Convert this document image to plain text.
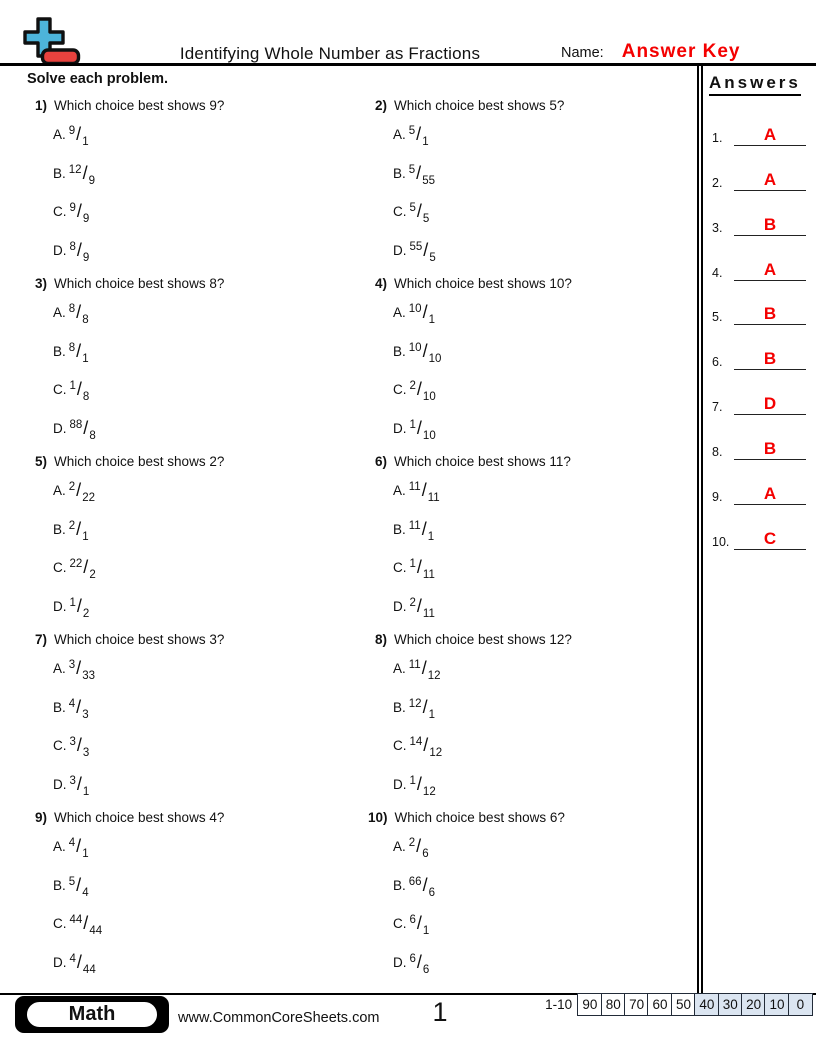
Identifying Whole Number as Fractions	Name: Answer Key
Solve each problem.
1) Which choice best shows 9?
A. $^9/_1$
B. $^{12}/_9$
C. $^9/_9$
D. $^8/_9$
2) Which choice best shows 5?
A. $^5/_1$
B. $^5/_{55}$
C. $^5/_5$
D. $^{55}/_5$
3) Which choice best shows 8?
A. $^8/_8$
B. $^8/_1$
C. $^1/_8$
D. $^{88}/_8$
4) Which choice best shows 10?
A. $^{10}/_1$
B. $^{10}/_{10}$
C. $^2/_{10}$
D. $^1/_{10}$
5) Which choice best shows 2?
A. $^2/_{22}$
B. $^2/_1$
C. $^{22}/_2$
D. $^1/_2$
6) Which choice best shows 11?
A. $^{11}/_{11}$
B. $^{11}/_1$
C. $^1/_{11}$
D. $^2/_{11}$
7) Which choice best shows 3?
A. $^3/_{33}$
B. $^4/_3$
C. $^3/_3$
D. $^3/_1$
8) Which choice best shows 12?
A. $^{11}/_{12}$
B. $^{12}/_1$
C. $^{14}/_{12}$
D. $^1/_{12}$
9) Which choice best shows 4?
A. $^4/_1$
B. $^5/_4$
C. $^{44}/_{44}$
D. $^4/_{44}$
10) Which choice best shows 6?
A. $^2/_6$
B. $^{66}/_6$
C. $^6/_1$
D. $^6/_6$
Answers
1.	A
2.	A
3.	B
4.	A
5.	B
6.	B
7.	D
8.	B
9.	A
10.	C
Math	www.CommonCoreSheets.com	1	1-10 90 80 70 60 50 40 30 20 10 0
